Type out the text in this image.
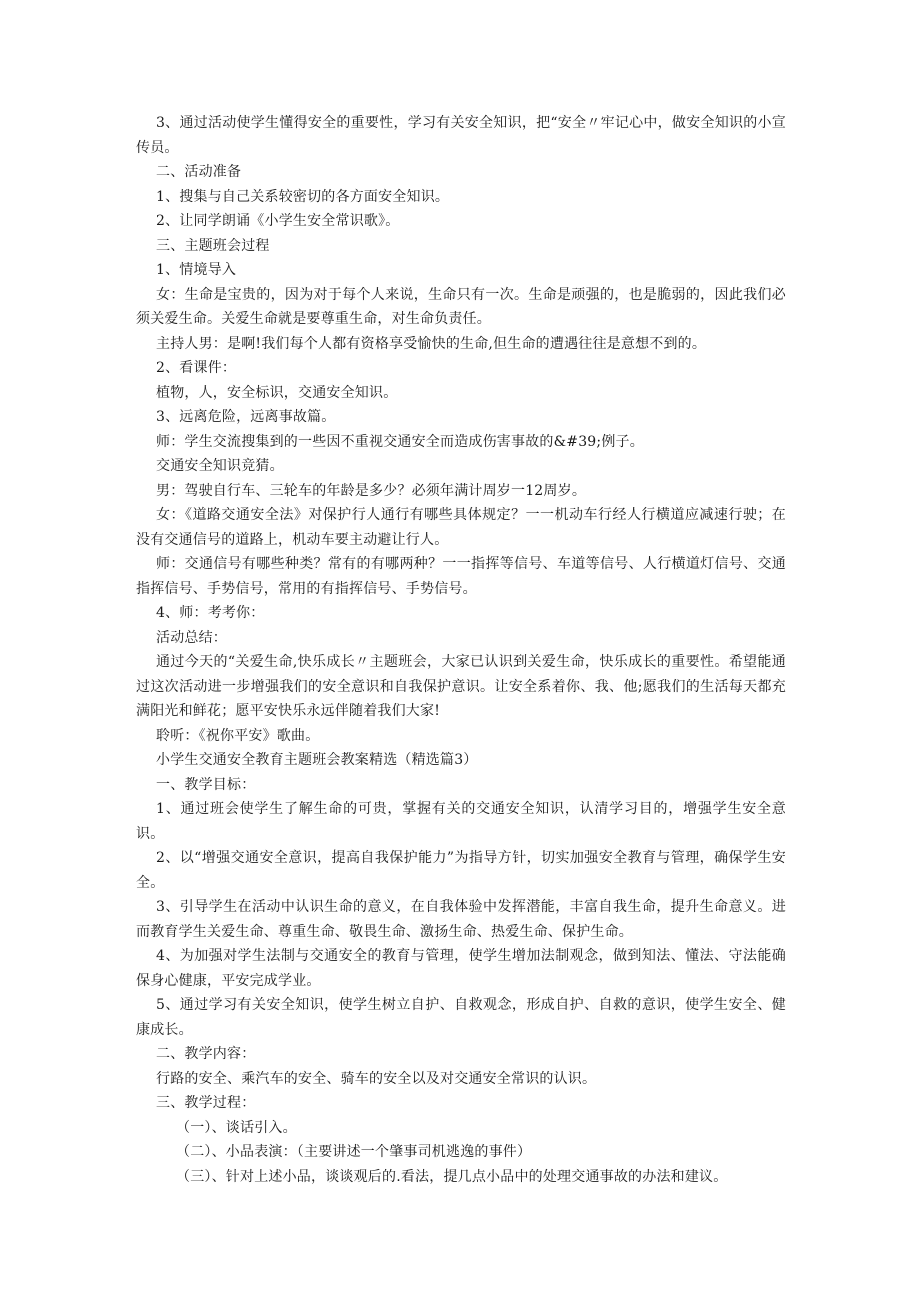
3、通过活动使学生懂得安全的重要性，学习有关安全知识，把“安全〃牢记心中，做安全知识的小宣传员。

二、活动准备

1、搜集与自己关系较密切的各方面安全知识。

2、让同学朗诵《小学生安全常识歌》。

三、主题班会过程

1、情境导入

女：生命是宝贵的，因为对于每个人来说，生命只有一次。生命是顽强的，也是脆弱的，因此我们必须关爱生命。关爱生命就是要尊重生命，对生命负责任。

主持人男：是啊!我们每个人都有资格享受愉快的生命,但生命的遭遇往往是意想不到的。

2、看课件：

植物，人，安全标识，交通安全知识。

3、远离危险，远离事故篇。

师：学生交流搜集到的一些因不重视交通安全而造成伤害事故的&#39;例子。

交通安全知识竞猜。

男：驾驶自行车、三轮车的年龄是多少？必须年满计周岁一12周岁。

女：《道路交通安全法》对保护行人通行有哪些具体规定？一一机动车行经人行横道应减速行驶；在没有交通信号的道路上，机动车要主动避让行人。

师：交通信号有哪些种类？常有的有哪两种？一一指挥等信号、车道等信号、人行横道灯信号、交通指挥信号、手势信号，常用的有指挥信号、手势信号。

4、师：考考你：

活动总结：

通过今天的“关爱生命,快乐成长〃主题班会，大家已认识到关爱生命，快乐成长的重要性。希望能通过这次活动进一步增强我们的安全意识和自我保护意识。让安全系着你、我、他;愿我们的生活每天都充满阳光和鲜花；愿平安快乐永远伴随着我们大家!

聆听：《祝你平安》歌曲。

小学生交通安全教育主题班会教案精选（精选篇3）

一、教学目标：

1、通过班会使学生了解生命的可贵，掌握有关的交通安全知识，认清学习目的，增强学生安全意识。

2、以“增强交通安全意识，提高自我保护能力”为指导方针，切实加强安全教育与管理，确保学生安全。

3、引导学生在活动中认识生命的意义，在自我体验中发挥潜能，丰富自我生命，提升生命意义。进而教育学生关爱生命、尊重生命、敬畏生命、激扬生命、热爱生命、保护生命。

4、为加强对学生法制与交通安全的教育与管理，使学生增加法制观念，做到知法、懂法、守法能确保身心健康，平安完成学业。

5、通过学习有关安全知识，使学生树立自护、自救观念，形成自护、自救的意识，使学生安全、健康成长。

二、教学内容：

行路的安全、乘汽车的安全、骑车的安全以及对交通安全常识的认识。

三、教学过程：

（一）、谈话引入。

（二）、小品表演：（主要讲述一个肇事司机逃逸的事件）

（三）、针对上述小品，谈谈观后的.看法，提几点小品中的处理交通事故的办法和建议。
